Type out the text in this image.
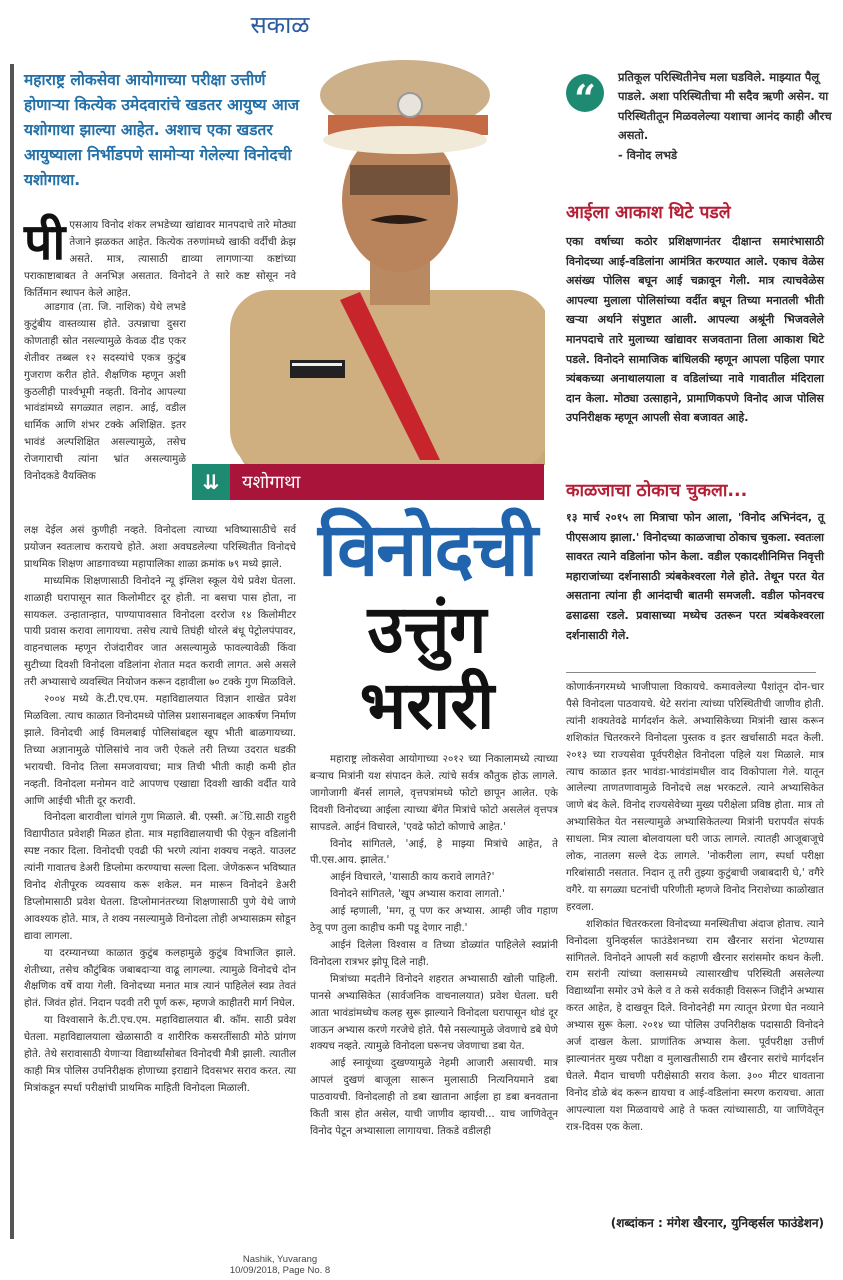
सकाळ
महाराष्ट्र लोकसेवा आयोगाच्या परीक्षा उत्तीर्ण होणाऱ्या कित्येक उमेदवारांचे खडतर आयुष्य आज यशोगाथा झाल्या आहेत. अशाच एका खडतर आयुष्याला निर्भीडपणे सामोऱ्या गेलेल्या विनोदची यशोगाथा.
⇊	यशोगाथा
पी एसआय विनोद शंकर लभडेच्या खांद्यावर मानपदाचे तारे मोठ्या तेजाने झळकत आहेत. कित्येक तरुणांमध्ये खाकी वर्दीची क्रेझ असते. मात्र, त्यासाठी द्याव्या लागणाऱ्या कष्टांच्या पराकाष्टाबाबत ते अनभिज्ञ असतात. विनोदने ते सारे कष्ट सोसून नवे किर्तिमान स्थापन केले आहेत.

आडगाव (ता. जि. नाशिक) येथे लभडे कुटुंबीय वास्तव्यास होते. उत्पन्नाचा दुसरा कोणताही स्रोत नसल्यामुळे केवळ दीड एकर शेतीवर तब्बल १२ सदस्यांचे एकत्र कुटुंब गुजराण करीत होते. शैक्षणिक म्हणून अशी कुठलीही पार्श्वभूमी नव्हती. विनोद आपल्या भावंडांमध्ये सगळ्यात लहान. आई, वडील धार्मिक आणि शंभर टक्के अशिक्षित. इतर भावंडं अल्पशिक्षित असल्यामुळे, तसेच रोजगाराची त्यांना भ्रांत असल्यामुळे विनोदकडे वैयक्तिक

लक्ष देईल असं कुणीही नव्हते. विनोदला त्याच्या भविष्यासाठीचे सर्व प्रयोजन स्वतःलाच करायचे होते. अशा अवघडलेल्या परिस्थितीत विनोदचे प्राथमिक शिक्षण आडगावच्या महापालिका शाळा क्रमांक ७९ मध्ये झाले.

माध्यमिक शिक्षणासाठी विनोदने न्यू इंग्लिश स्कूल येथे प्रवेश घेतला. शाळाही घरापासून सात किलोमीटर दूर होती. ना बसचा पास होता, ना सायकल. उन्हातान्हात, पाण्यापावसात विनोदला दररोज १४ किलोमीटर पायी प्रवास करावा लागायचा. तसेच त्याचे तिघंही थोरले बंधू पेट्रोलपंपावर, वाहनचालक म्हणून रोजंदारीवर जात असल्यामुळे फावल्यावेळी किंवा सुटीच्या दिवशी विनोदला वडिलांना शेतात मदत करावी लागत. असे असले तरी अभ्यासाचे व्यवस्थित नियोजन करून दहावीला ७० टक्के गुण मिळविले.

२००४ मध्ये के.टी.एच.एम. महाविद्यालयात विज्ञान शाखेत प्रवेश मिळविला. त्याच काळात विनोदमध्ये पोलिस प्रशासनाबद्दल आकर्षण निर्माण झाले. विनोदची आई विमलबाई पोलिसांबद्दल खूप भीती बाळगायच्या. तिच्या अज्ञानामुळे पोलिसांचे नाव जरी ऐकले तरी तिच्या उदरात धडकी भरायची. विनोद तिला समजवायचा; मात्र तिची भीती काही कमी होत नव्हती. विनोदला मनोमन वाटे आपणच एखाद्या दिवशी खाकी वर्दीत यावे आणि आईची भीती दूर करावी.

विनोदला बारावीला चांगले गुण मिळाले. बी. एस्सी. अॅग्रि.साठी राहुरी विद्यापीठात प्रवेशही मिळत होता. मात्र महाविद्यालयाची फी ऐकून वडिलांनी स्पष्ट नकार दिला. विनोदची एवढी फी भरणे त्यांना शक्यच नव्हते. याउलट त्यांनी गावातच डेअरी डिप्लोमा करण्याचा सल्ला दिला. जेणेकरून भविष्यात विनोद शेतीपूरक व्यवसाय करू शकेल. मन मारून विनोदने डेअरी डिप्लोमासाठी प्रवेश घेतला. डिप्लोमानंतरच्या शिक्षणासाठी पुणे येथे जाणे आवश्यक होते. मात्र, ते शक्य नसल्यामुळे विनोदला तोही अभ्यासक्रम सोडून द्यावा लागला.

या दरम्यानच्या काळात कुटुंब कलहामुळे कुटुंब विभाजित झाले. शेतीच्या, तसेच कौटुंबिक जबाबदाऱ्या वाढू लागल्या. त्यामुळे विनोदचे दोन शैक्षणिक वर्षे वाया गेली. विनोदच्या मनात मात्र त्यानं पाहिलेलं स्वप्न तेवतं होतं. जिवंत होतं. निदान पदवी तरी पूर्ण करू, म्हणजे काहीतरी मार्ग निघेल.

या विश्वासाने के.टी.एच.एम. महाविद्यालयात बी. कॉम. साठी प्रवेश घेतला. महाविद्यालयाला खेळासाठी व शारीरिक कसरतींसाठी मोठे प्रांगण होते. तेथे सरावासाठी येणाऱ्या विद्यार्थ्यांसोबत विनोदची मैत्री झाली. त्यातील काही मित्र पोलिस उपनिरीक्षक होणाच्या इराद्याने दिवसभर सराव करत. त्या मित्रांकडून स्पर्धा परीक्षांची प्राथमिक माहिती विनोदला मिळाली.

विनोदची
उत्तुंग
भरारी

महाराष्ट्र लोकसेवा आयोगाच्या २०१२ च्या निकालामध्ये त्याच्या बऱ्याच मित्रांनी यश संपादन केले. त्यांचे सर्वत्र कौतुक होऊ लागले. जागोजागी बॅनर्स लागले, वृत्तपत्रांमध्ये फोटो छापून आलेत. एके दिवशी विनोदच्या आईला त्याच्या बॅगेत मित्रांचे फोटो असलेलं वृत्तपत्र सापडले. आईनं विचारले, 'एवढे फोटो कोणाचे आहेत.'

विनोद सांगितले, 'आई, हे माझ्या मित्रांचे आहेत, ते पी.एस.आय. झालेत.'

आईनं विचारले, 'यासाठी काय करावे लागते?'

विनोदने सांगितले, 'खूप अभ्यास करावा लागतो.'

आई म्हणाली, 'मग, तू पण कर अभ्यास. आम्ही जीव गहाण ठेवू पण तुला काहीच कमी पडू देणार नाही.'

आईनं दिलेला विश्वास व तिच्या डोळ्यांत पाहिलेले स्वप्नांनी विनोदला रात्रभर झोपू दिले नाही.

मित्रांच्या मदतीने विनोदने शहरात अभ्यासाठी खोली पाहिली. पानसे अभ्यासिकेत (सार्वजनिक वाचनालयात) प्रवेश घेतला. घरी आता भावंडांमध्येच कलह सुरू झाल्याने विनोदला घरापासून थोडं दूर जाऊन अभ्यास करणे गरजेचे होते. पैसे नसल्यामुळे जेवणाचे डबे घेणे शक्यच नव्हते. त्यामुळे विनोदला घरूनच जेवणाचा डबा येत.

आई स्नायूंच्या दुखण्यामुळे नेहमी आजारी असायची. मात्र आपलं दुखणं बाजूला सारून मुलासाठी नित्यनियमाने डबा पाठवायची. विनोदलाही तो डबा खाताना आईला हा डबा बनवताना किती त्रास होत असेल, याची जाणीव व्हायची... याच जाणिवेतून विनोद पेटून अभ्यासाला लागायचा. तिकडे वडीलही

कोणार्कनगरमध्ये भाजीपाला विकायचे. कमावलेल्या पैशांतून दोन-चार पैसे विनोदला पाठवायचे. थेटे सरांना त्यांच्या परिस्थितीची जाणीव होती. त्यांनी शक्यतेवढे मार्गदर्शन केले. अभ्यासिकेच्या मित्रांनी खास करून शशिकांत चितरकरने विनोदला पुस्तक व इतर खर्चासाठी मदत केली. २०१३ च्या राज्यसेवा पूर्वपरीक्षेत विनोदला पहिले यश मिळाले. मात्र त्याच काळात इतर भावंडा-भावंडांमधील वाद विकोपाला गेले. यातून आलेल्या ताणतणावामुळे विनोदचे लक्ष भरकटले. त्याने अभ्यासिकेत जाणे बंद केले. विनोद राज्यसेवेच्या मुख्य परीक्षेला प्रविष्ठ होता. मात्र तो अभ्यासिकेत येत नसल्यामुळे अभ्यासिकेतल्या मित्रांनी घरापर्यंत संपर्क साधला. मित्र त्याला बोलवायला घरी जाऊ लागले. त्यातही आजूबाजूचे लोक, नातलग सल्ले देऊ लागले. 'नोकरीला लाग, स्पर्धा परीक्षा गरिबांसाठी नसतात. निदान तू तरी तुझ्या कुटुंबाची जबाबदारी घे,' वगैरे वगैरे. या सगळ्या घटनांची परिणीती म्हणजे विनोद निराशेच्या काळोखात हरवला.

शशिकांत चितरकरला विनोदच्या मनस्थितीचा अंदाज होताच. त्याने विनोदला युनिव्हर्सल फाउंडेशनच्या राम खैरनार सरांना भेटण्यास सांगितले. विनोदने आपली सर्व कहाणी खैरनार सरांसमोर कथन केली. राम सरांनी त्यांच्या क्लासमध्ये त्यासारखीच परिस्थिती असलेल्या विद्यार्थ्यांना समोर उभे केले व ते कसे सर्वकाही विसरून जिद्दीने अभ्यास करत आहेत, हे दाखवून दिले. विनोदनेही मग त्यातून प्रेरणा घेत नव्याने अभ्यास सुरू केला. २०१४ च्या पोलिस उपनिरीक्षक पदासाठी विनोदने अर्ज दाखल केला. प्राणांतिक अभ्यास केला. पूर्वपरीक्षा उत्तीर्ण झाल्यानंतर मुख्य परीक्षा व मुलाखतीसाठी राम खैरनार सरांचे मार्गदर्शन घेतले. मैदान चाचणी परीक्षेसाठी सराव केला. ३०० मीटर धावताना विनोद डोळे बंद करून द्यायचा व आई-वडिलांना स्मरण करायचा. आता आपल्याला यश मिळवायचे आहे ते फक्त त्यांच्यासाठी, या जाणिवेतून रात्र-दिवस एक केला.

“	प्रतिकूल परिस्थितीनेच मला घडविले. माझ्यात पैलू पाडले. अशा परिस्थितीचा मी सदैव ऋणी असेन. या परिस्थितीतून मिळवलेल्या यशाचा आनंद काही औरच असतो.
- विनोद लभडे
आईला आकाश थिटे पडले
एका वर्षाच्या कठोर प्रशिक्षणानंतर दीक्षान्त समारंभासाठी विनोदच्या आई-वडिलांना आमंत्रित करण्यात आले. एकाच वेळेस असंख्य पोलिस बघून आई चक्रावून गेली. मात्र त्याचवेळेस आपल्या मुलाला पोलिसांच्या वर्दीत बघून तिच्या मनातली भीती खऱ्या अर्थाने संपुष्टात आली. आपल्या अश्रूंनी भिजवलेले मानपदाचे तारे मुलाच्या खांद्यावर सजवताना तिला आकाश थिटे पडले. विनोदने सामाजिक बांधिलकी म्हणून आपला पहिला पगार त्र्यंबकच्या अनाथालयाला व वडिलांच्या नावे गावातील मंदिराला दान केला. मोठ्या उत्साहाने, प्रामाणिकपणे विनोद आज पोलिस उपनिरीक्षक म्हणून आपली सेवा बजावत आहे.
काळजाचा ठोकाच चुकला...
१३ मार्च २०१५ ला मित्राचा फोन आला, 'विनोद अभिनंदन, तू पीएसआय झाला.' विनोदच्या काळजाचा ठोकाच चुकला. स्वतःला सावरत त्याने वडिलांना फोन केला. वडील एकादशीनिमित्त निवृत्ती महाराजांच्या दर्शनासाठी त्र्यंबकेश्वरला गेले होते. तेथून परत येत असताना त्यांना ही आनंदाची बातमी समजली. वडील फोनवरच ढसाढसा रडले. प्रवासाच्या मध्येच उतरून परत त्र्यंबकेश्वरला दर्शनासाठी गेले.
(शब्दांकन : मंगेश खैरनार, युनिव्हर्सल फाउंडेशन)
Nashik, Yuvarang
10/09/2018, Page No. 8
